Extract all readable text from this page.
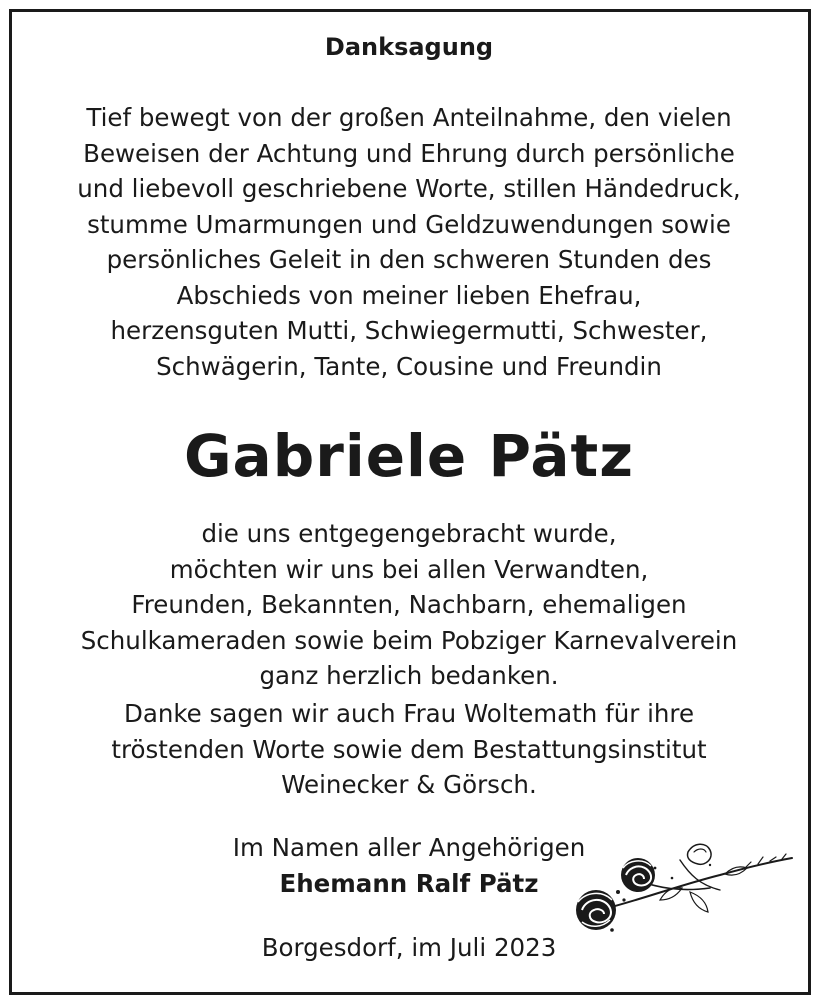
Danksagung
Tief bewegt von der großen Anteilnahme, den vielen
Beweisen der Achtung und Ehrung durch persönliche
und liebevoll geschriebene Worte, stillen Händedruck,
stumme Umarmungen und Geldzuwendungen sowie
persönliches Geleit in den schweren Stunden des
Abschieds von meiner lieben Ehefrau,
herzensguten Mutti, Schwiegermutti, Schwester,
Schwägerin, Tante, Cousine und Freundin
Gabriele Pätz
die uns entgegengebracht wurde,
möchten wir uns bei allen Verwandten,
Freunden, Bekannten, Nachbarn, ehemaligen
Schulkameraden sowie beim Pobziger Karnevalverein
ganz herzlich bedanken.
Danke sagen wir auch Frau Woltemath für ihre
tröstenden Worte sowie dem Bestattungsinstitut
Weinecker & Görsch.
Im Namen aller Angehörigen
Ehemann Ralf Pätz
Borgesdorf, im Juli 2023
